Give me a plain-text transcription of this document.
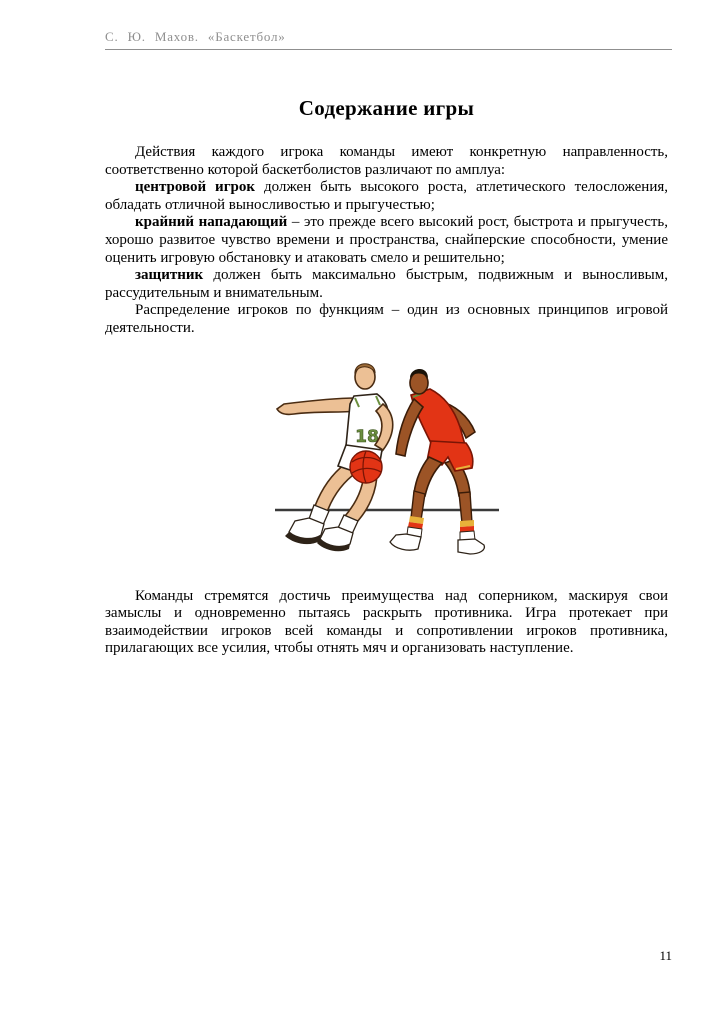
С. Ю. Махов. «Баскетбол»
Содержание игры

Действия каждого игрока команды имеют конкретную направленность, соответственно которой баскетболистов различают по амплуа:

центровой игрок должен быть высокого роста, атлетического телосложения, обладать отличной выносливостью и прыгучестью;

крайний нападающий – это прежде всего высокий рост, быстрота и прыгучесть, хорошо развитое чувство времени и пространства, снайперские способности, умение оценить игровую обстановку и атаковать смело и решительно;

защитник должен быть максимально быстрым, подвижным и выносливым, рассудительным и внимательным.

Распределение игроков по функциям – один из основных принципов игровой деятельности.

18

Команды стремятся достичь преимущества над соперником, маскируя свои замыслы и одновременно пытаясь раскрыть противника. Игра протекает при взаимодействии игроков всей команды и сопротивлении игроков противника, прилагающих все усилия, чтобы отнять мяч и организовать наступление.

11
